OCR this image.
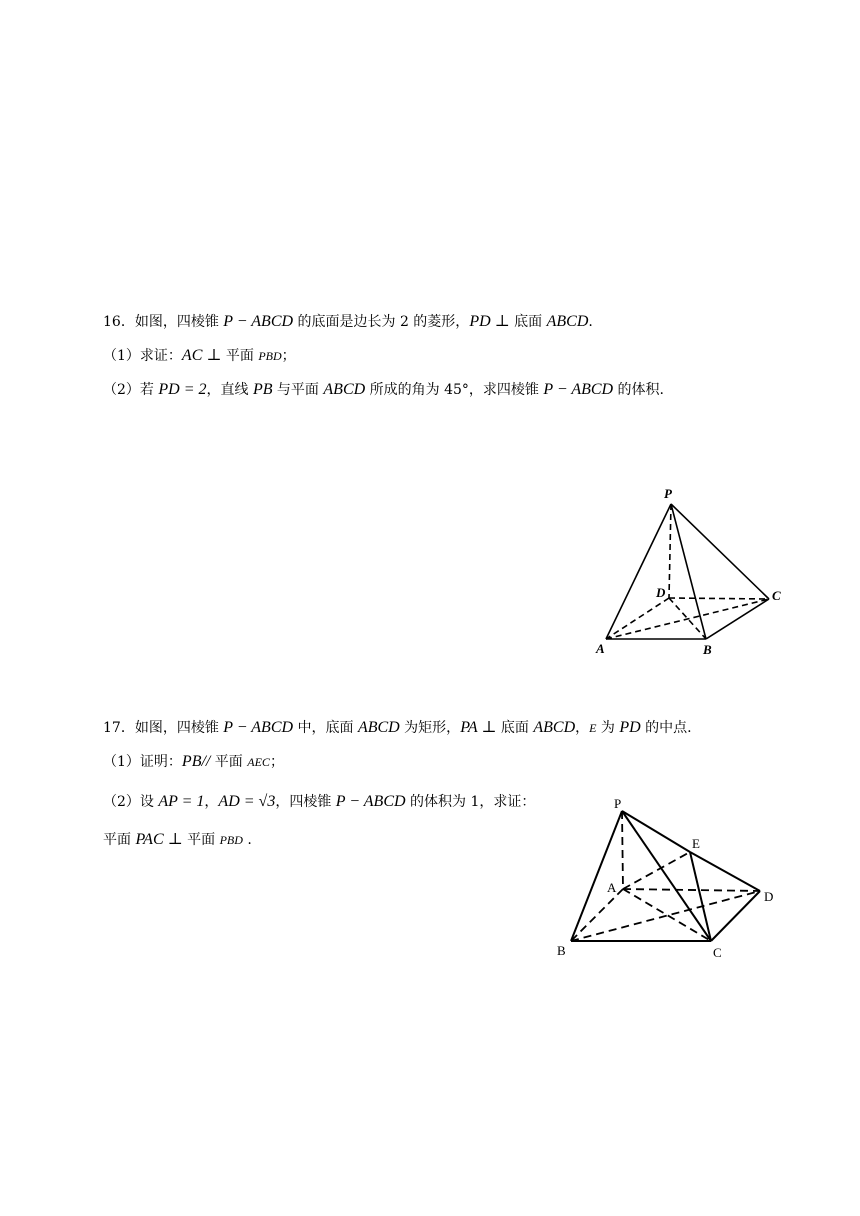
16．如图，四棱锥 P − ABCD 的底面是边长为 2 的菱形，PD ⊥ 底面 ABCD.
（1）求证：AC ⊥ 平面 PBD；
（2）若 PD = 2，直线 PB 与平面 ABCD 所成的角为 45°，求四棱锥 P − ABCD 的体积.
P
D	C
A	B
P
E
A
D
B	C
17．如图，四棱锥 P − ABCD 中，底面 ABCD 为矩形，PA ⊥ 底面 ABCD，E 为 PD 的中点.
（1）证明：PB// 平面 AEC；
（2）设 AP = 1，AD = √3，四棱锥 P − ABCD 的体积为 1，求证：
平面 PAC ⊥ 平面 PBD .
